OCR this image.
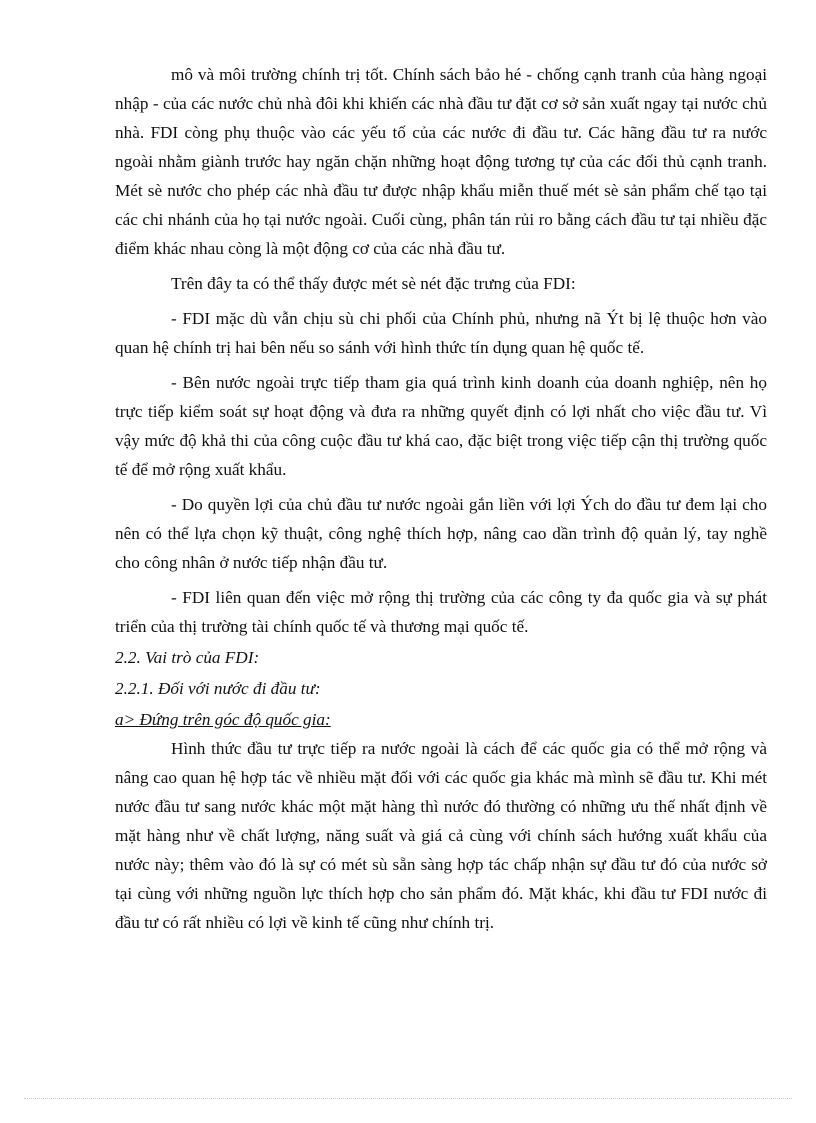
mô và môi trường chính trị tốt. Chính sách bảo hé - chống cạnh tranh của hàng ngoại nhập - của các nước chủ nhà đôi khi khiến các nhà đầu tư đặt cơ sở sản xuất ngay tại nước chủ nhà. FDI còng phụ thuộc vào các yếu tố của các nước đi đầu tư. Các hãng đầu tư ra nước ngoài nhằm giành trước hay ngăn chặn những hoạt động tương tự của các đối thủ cạnh tranh. Mét sè nước cho phép các nhà đầu tư được nhập khẩu miễn thuế mét sè sản phẩm chế tạo tại các chi nhánh của họ tại nước ngoài. Cuối cùng, phân tán rủi ro bằng cách đầu tư tại nhiều đặc điểm khác nhau còng là một động cơ của các nhà đầu tư.

Trên đây ta có thể thấy được mét sè nét đặc trưng của FDI:

- FDI mặc dù vẫn chịu sù chi phối của Chính phủ, nhưng nã Ýt bị lệ thuộc hơn vào quan hệ chính trị hai bên nếu so sánh với hình thức tín dụng quan hệ quốc tế.

- Bên nước ngoài trực tiếp tham gia quá trình kinh doanh của doanh nghiệp, nên họ trực tiếp kiểm soát sự hoạt động và đưa ra những quyết định có lợi nhất cho việc đầu tư. Vì vậy mức độ khả thi của công cuộc đầu tư khá cao, đặc biệt trong việc tiếp cận thị trường quốc tế để mở rộng xuất khẩu.

- Do quyền lợi của chủ đầu tư nước ngoài gắn liền với lợi Ých do đầu tư đem lại cho nên có thể lựa chọn kỹ thuật, công nghệ thích hợp, nâng cao dần trình độ quản lý, tay nghề cho công nhân ở nước tiếp nhận đầu tư.

- FDI liên quan đến việc mở rộng thị trường của các công ty đa quốc gia và sự phát triển của thị trường tài chính quốc tế và thương mại quốc tế.

2.2. Vai trò của FDI:

2.2.1. Đối với nước đi đầu tư:

a> Đứng trên góc độ quốc gia:

Hình thức đầu tư trực tiếp ra nước ngoài là cách để các quốc gia có thể mở rộng và nâng cao quan hệ hợp tác về nhiều mặt đối với các quốc gia khác mà mình sẽ đầu tư. Khi mét nước đầu tư sang nước khác một mặt hàng thì nước đó thường có những ưu thế nhất định về mặt hàng như về chất lượng, năng suất và giá cả cùng với chính sách hướng xuất khẩu của nước này; thêm vào đó là sự có mét sù sẵn sàng hợp tác chấp nhận sự đầu tư đó của nước sở tại cùng với những nguồn lực thích hợp cho sản phẩm đó. Mặt khác, khi đầu tư FDI nước đi đầu tư có rất nhiều có lợi về kinh tế cũng như chính trị.
